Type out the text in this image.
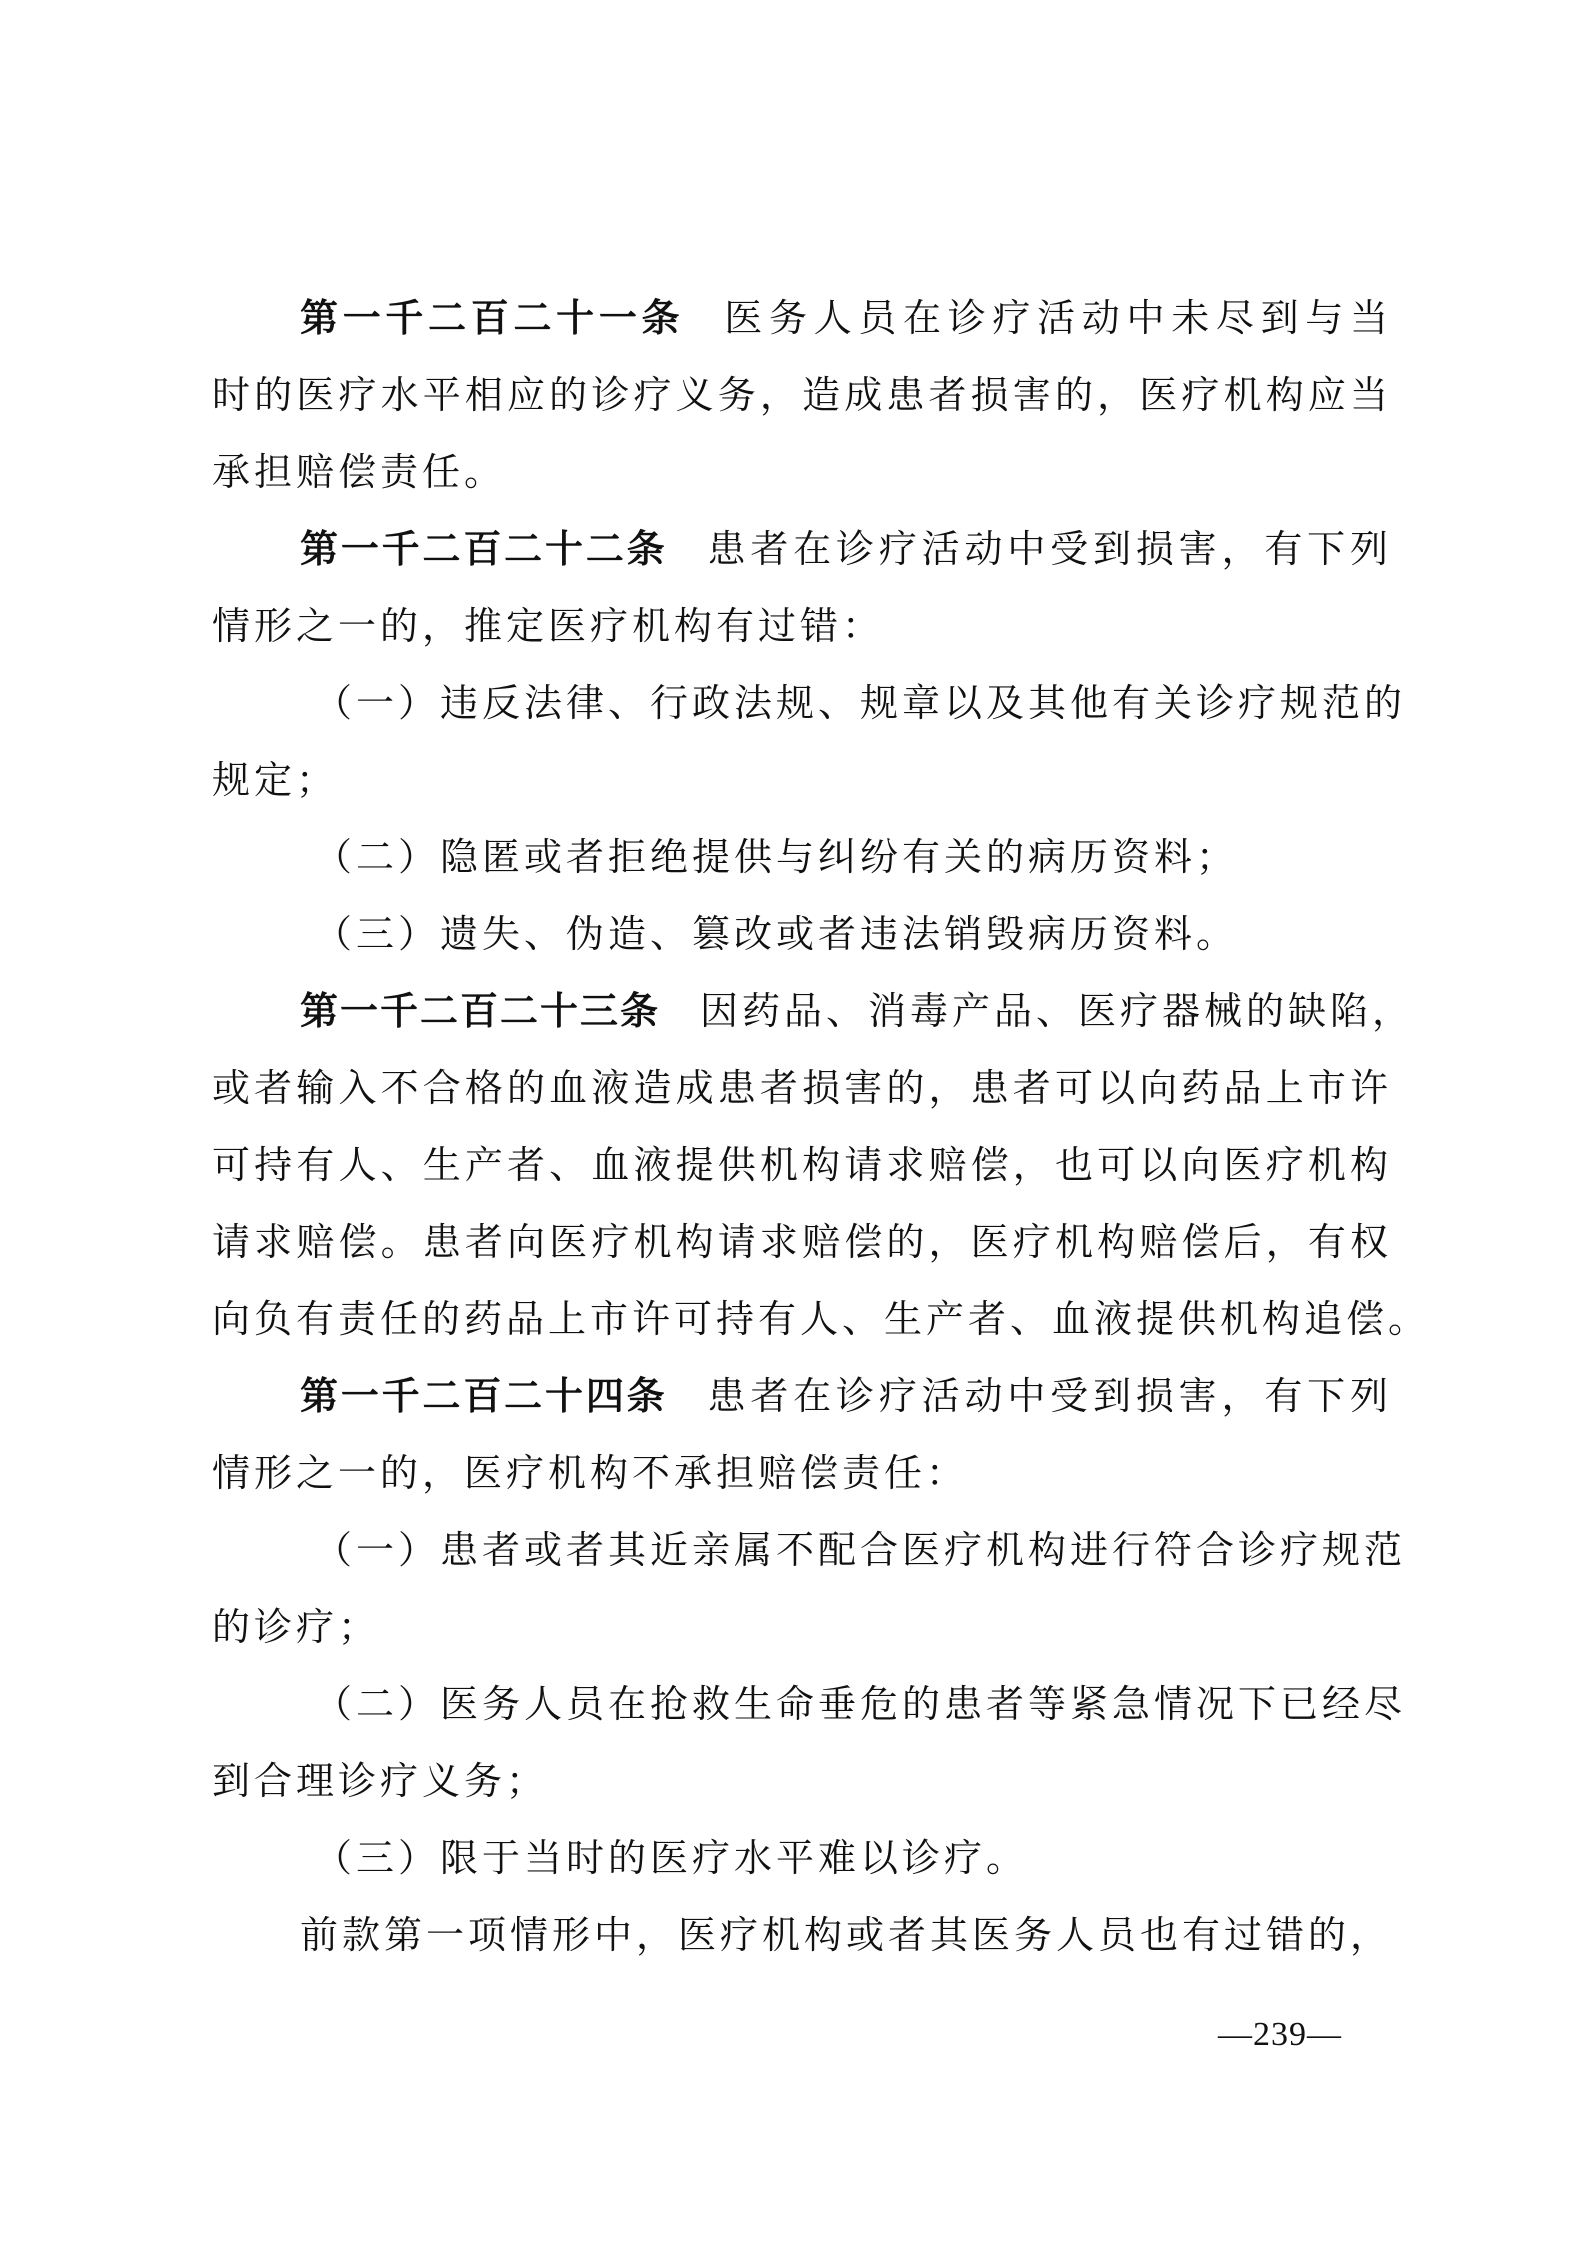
第一千二百二十一条 医务人员在诊疗活动中未尽到与当
时的医疗水平相应的诊疗义务，造成患者损害的，医疗机构应当
承担赔偿责任。
第一千二百二十二条 患者在诊疗活动中受到损害，有下列
情形之一的，推定医疗机构有过错：
（一）违反法律、行政法规、规章以及其他有关诊疗规范的
规定；
（二）隐匿或者拒绝提供与纠纷有关的病历资料；
（三）遗失、伪造、篡改或者违法销毁病历资料。
第一千二百二十三条 因药品、消毒产品、医疗器械的缺陷，
或者输入不合格的血液造成患者损害的，患者可以向药品上市许
可持有人、生产者、血液提供机构请求赔偿，也可以向医疗机构
请求赔偿。患者向医疗机构请求赔偿的，医疗机构赔偿后，有权
向负有责任的药品上市许可持有人、生产者、血液提供机构追偿。
第一千二百二十四条 患者在诊疗活动中受到损害，有下列
情形之一的，医疗机构不承担赔偿责任：
（一）患者或者其近亲属不配合医疗机构进行符合诊疗规范
的诊疗；
（二）医务人员在抢救生命垂危的患者等紧急情况下已经尽
到合理诊疗义务；
（三）限于当时的医疗水平难以诊疗。
前款第一项情形中，医疗机构或者其医务人员也有过错的，
—239—
